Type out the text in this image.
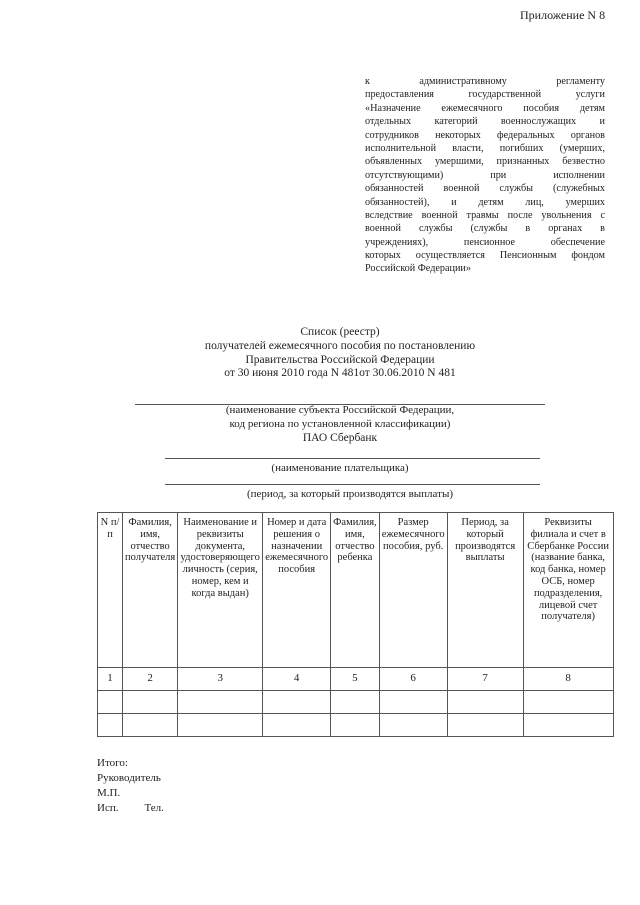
Приложение N 8
к административному регламенту
предоставления государственной услуги
«Назначение ежемесячного пособия детям
отдельных категорий военнослужащих и
сотрудников некоторых федеральных органов
исполнительной власти, погибших (умерших,
объявленных умершими, признанных безвестно
отсутствующими) при исполнении
обязанностей военной службы (служебных
обязанностей), и детям лиц, умерших
вследствие военной травмы после увольнения с
военной службы (службы в органах в
учреждениях), пенсионное обеспечение
которых осуществляется Пенсионным фондом
Российской Федерации»
Список (реестр)
получателей ежемесячного пособия по постановлению
Правительства Российской Федерации
от 30 июня 2010 года N 481от 30.06.2010 N 481
(наименование субъекта Российской Федерации,
код региона по установленной классификации)
ПАО Сбербанк
(наименование плательщика)
(период, за который производятся выплаты)
N п/п	Фамилия, имя, отчество получателя	Наименование и реквизиты документа, удостоверяющего личность (серия, номер, кем и когда выдан)	Номер и дата решения о назначении ежемесячного пособия	Фамилия, имя, отчество ребенка	Размер ежемесячного пособия, руб.	Период, за который производятся выплаты	Реквизиты филиала и счет в Сбербанке России (название банка, код банка, номер ОСБ, номер подразделения, лицевой счет получателя)
1	2	3	4	5	6	7	8

Итого:
Руководитель
М.П.
Исп. Тел.
